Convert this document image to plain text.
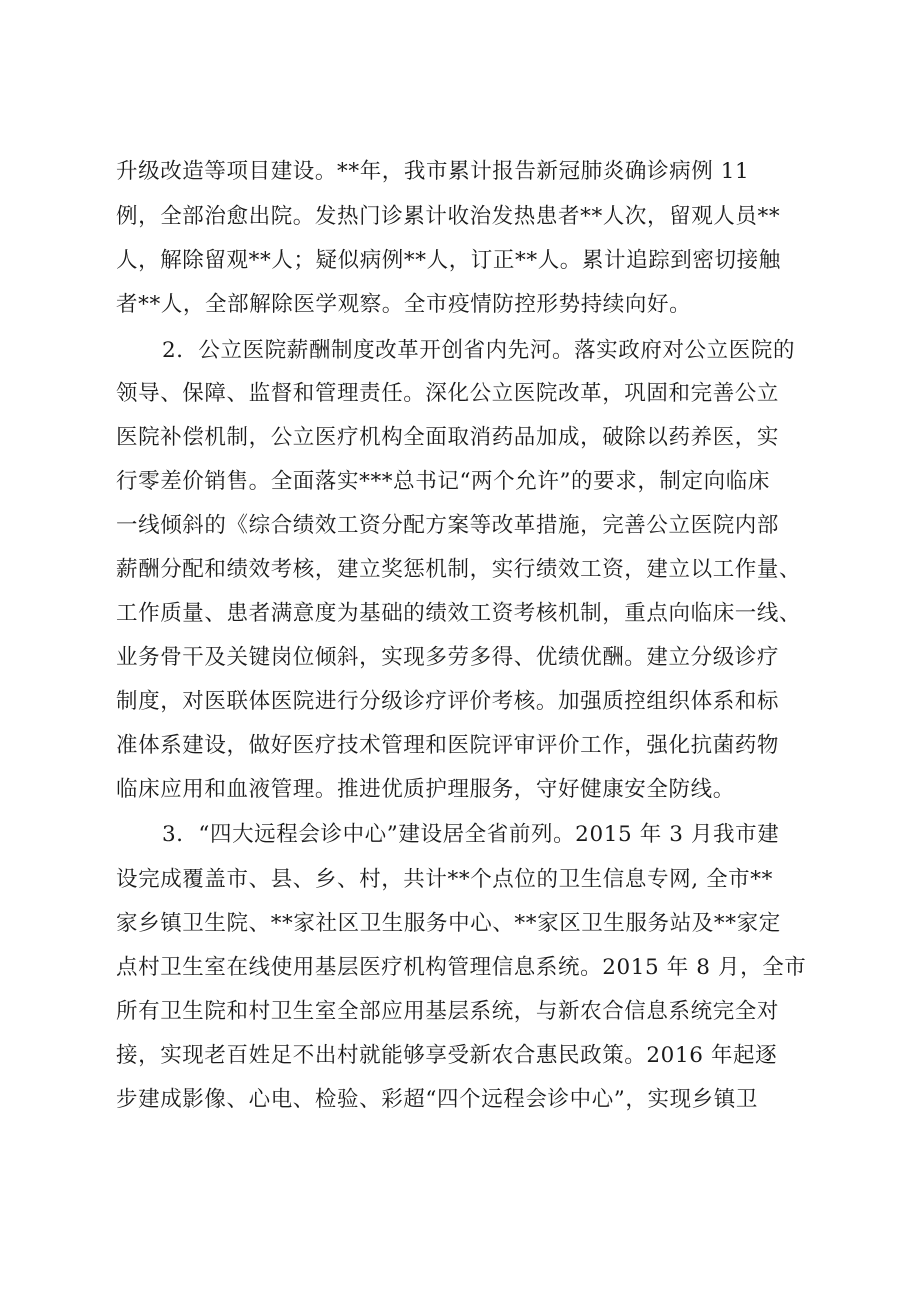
升级改造等项目建设。**年，我市累计报告新冠肺炎确诊病例 11
例，全部治愈出院。发热门诊累计收治发热患者**人次，留观人员**
人，解除留观**人；疑似病例**人，订正**人。累计追踪到密切接触
者**人，全部解除医学观察。全市疫情防控形势持续向好。
2．公立医院薪酬制度改革开创省内先河。落实政府对公立医院的
领导、保障、监督和管理责任。深化公立医院改革，巩固和完善公立
医院补偿机制，公立医疗机构全面取消药品加成，破除以药养医，实
行零差价销售。全面落实***总书记“两个允许”的要求，制定向临床
一线倾斜的《综合绩效工资分配方案等改革措施，完善公立医院内部
薪酬分配和绩效考核，建立奖惩机制，实行绩效工资，建立以工作量、
工作质量、患者满意度为基础的绩效工资考核机制，重点向临床一线、
业务骨干及关键岗位倾斜，实现多劳多得、优绩优酬。建立分级诊疗
制度，对医联体医院进行分级诊疗评价考核。加强质控组织体系和标
准体系建设，做好医疗技术管理和医院评审评价工作，强化抗菌药物
临床应用和血液管理。推进优质护理服务，守好健康安全防线。
3．“四大远程会诊中心”建设居全省前列。2015 年 3 月我市建
设完成覆盖市、县、乡、村，共计**个点位的卫生信息专网, 全市**
家乡镇卫生院、**家社区卫生服务中心、**家区卫生服务站及**家定
点村卫生室在线使用基层医疗机构管理信息系统。2015 年 8 月，全市
所有卫生院和村卫生室全部应用基层系统，与新农合信息系统完全对
接，实现老百姓足不出村就能够享受新农合惠民政策。2016 年起逐
步建成影像、心电、检验、彩超“四个远程会诊中心”，实现乡镇卫
